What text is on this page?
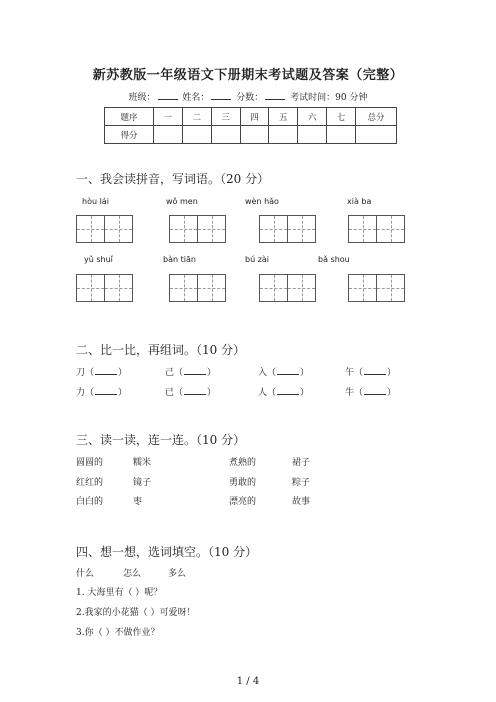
新苏教版一年级语文下册期末考试题及答案（完整）
班级：	姓名：	分数：	考试时间：90 分钟
题序	一	二	三	四	五	六	七	总分
得分								
一、我会读拼音，写词语。（20 分）
hòu lái	wǒ men	wèn hǎo	xià ba
yǔ shuǐ	bàn tiān	bú zài	bǎ shou
二、比一比，再组词。（10 分）
刀（	）	己（	）	入（	）	午（	）
力（	）	已（	）	人（	）	牛（	）
三、读一读，连一连。（10 分）
圆圆的	糯米	煮熟的	裙子
红红的	镜子	勇敢的	粽子
白白的	枣	漂亮的	故事
四、想一想，选词填空。（10 分）
什么	怎么	多么
1. 大海里有（ ）呢？
2.我家的小花猫（ ）可爱呀！
3.你（ ）不做作业？
1 / 4
